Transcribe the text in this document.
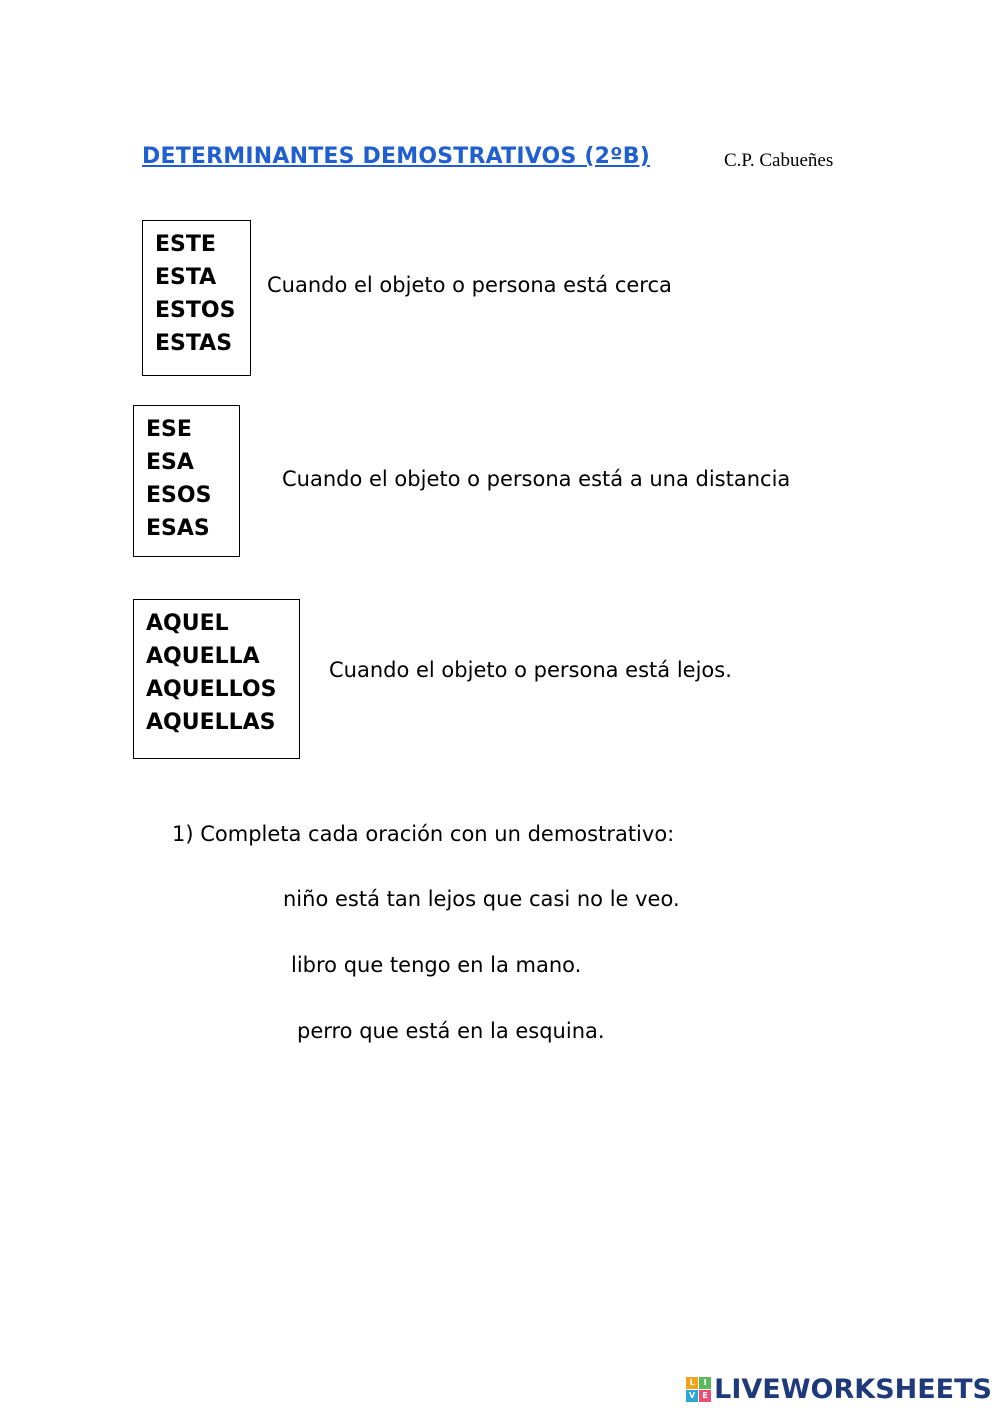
DETERMINANTES DEMOSTRATIVOS (2ºB)	C.P. Cabueñes
ESTE
ESTA
ESTOS
ESTAS
Cuando el objeto o persona está cerca
ESE
ESA
ESOS
ESAS
Cuando el objeto o persona está a una distancia
AQUEL
AQUELLA
AQUELLOS
AQUELLAS
Cuando el objeto o persona está lejos.
1) Completa cada oración con un demostrativo:
niño está tan lejos que casi no le veo.
libro que tengo en la mano.
perro que está en la esquina.
L	I
V E LIVEWORKSHEETS
